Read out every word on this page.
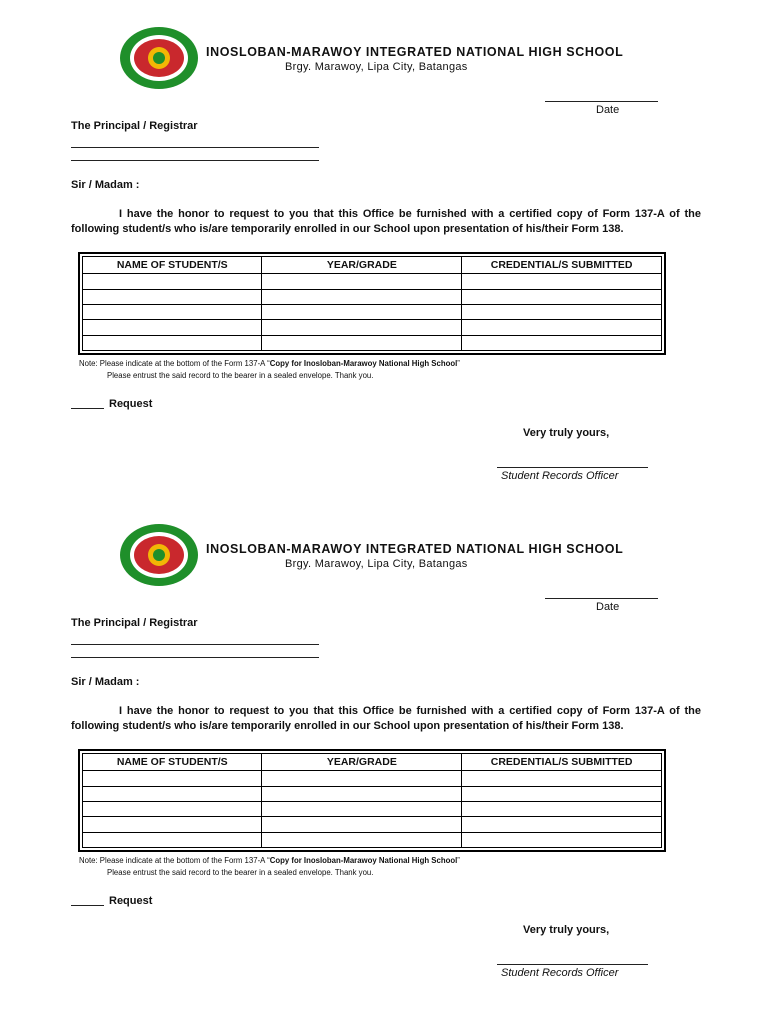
INOSLOBAN-MARAWOY INTEGRATED NATIONAL HIGH SCHOOL
Brgy. Marawoy, Lipa City, Batangas
Date
The Principal / Registrar
Sir / Madam :
I have the honor to request to you that this Office be furnished with a certified copy of Form 137-A of the following student/s who is/are temporarily enrolled in our School upon presentation of his/their Form 138.
NAME OF STUDENT/S	YEAR/GRADE	CREDENTIAL/S SUBMITTED

Note: Please indicate at the bottom of the Form 137-A “Copy for Inosloban-Marawoy National High School”
Please entrust the said record to the bearer in a sealed envelope. Thank you.
Request
Very truly yours,
Student Records Officer
INOSLOBAN-MARAWOY INTEGRATED NATIONAL HIGH SCHOOL
Brgy. Marawoy, Lipa City, Batangas
Date
The Principal / Registrar
Sir / Madam :
I have the honor to request to you that this Office be furnished with a certified copy of Form 137-A of the following student/s who is/are temporarily enrolled in our School upon presentation of his/their Form 138.
NAME OF STUDENT/S	YEAR/GRADE	CREDENTIAL/S SUBMITTED

Note: Please indicate at the bottom of the Form 137-A “Copy for Inosloban-Marawoy National High School”
Please entrust the said record to the bearer in a sealed envelope. Thank you.
Request
Very truly yours,
Student Records Officer
